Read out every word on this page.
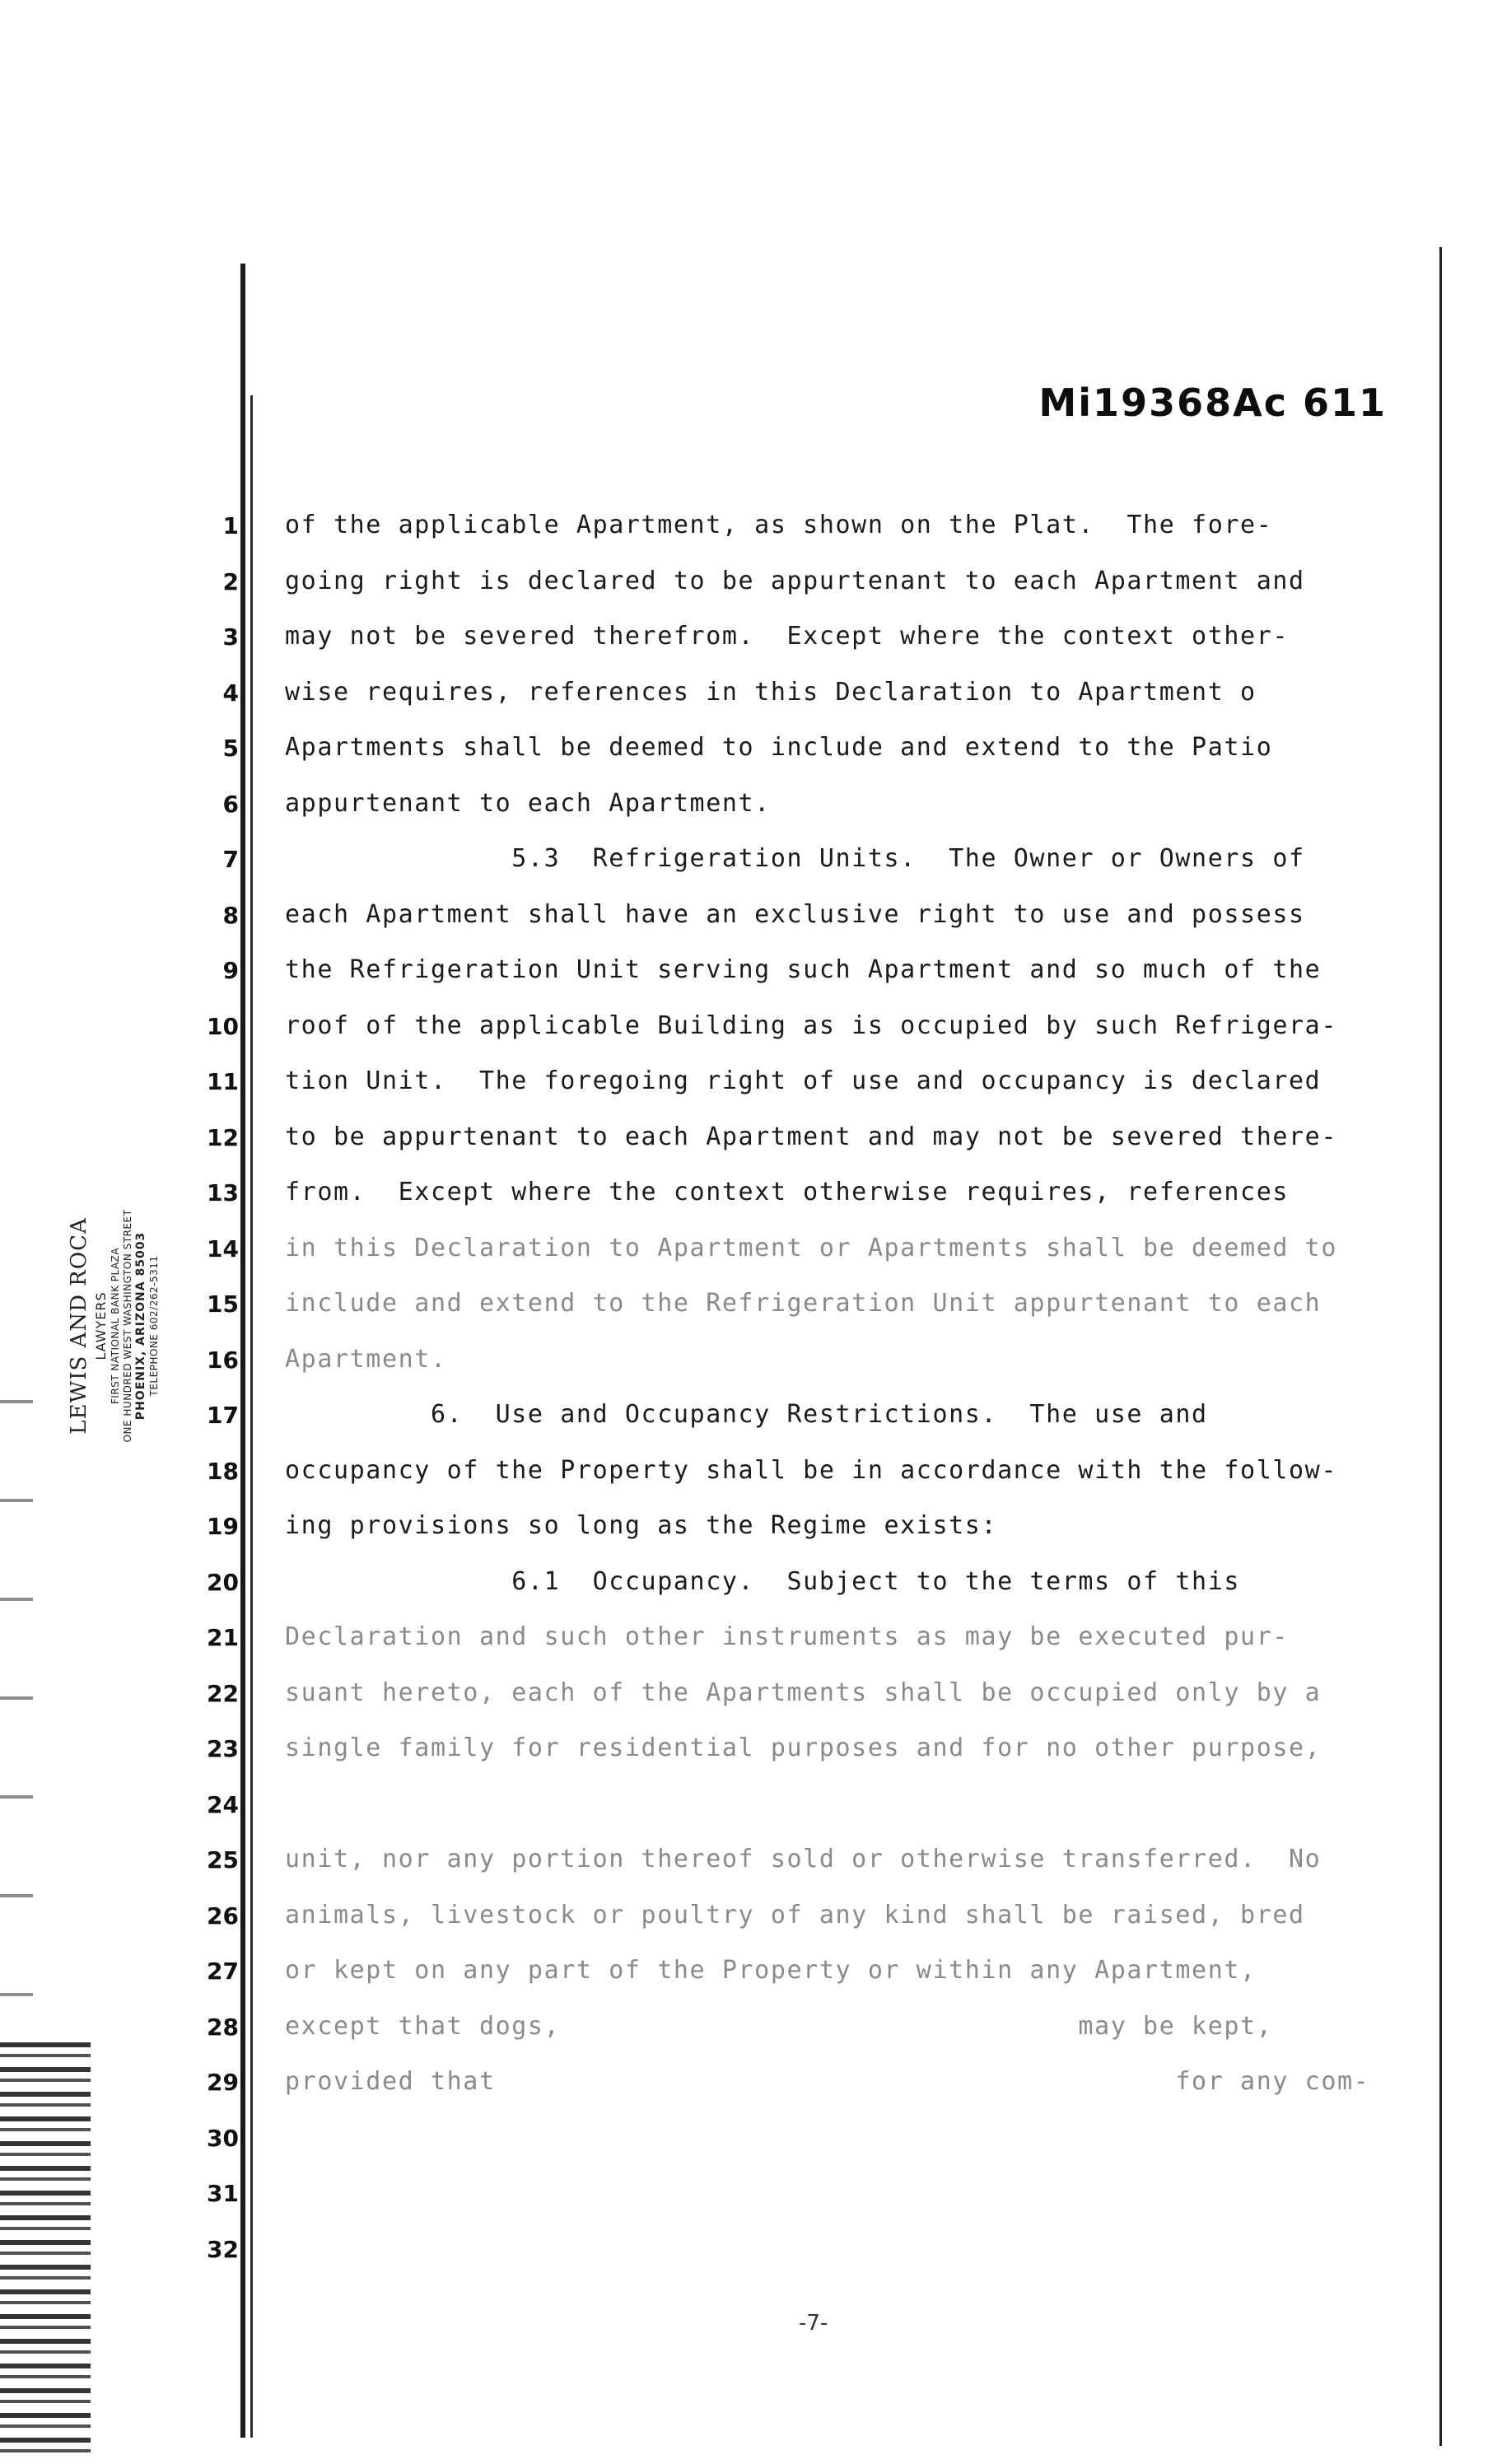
Mi19368Ac 611
LEWIS AND ROCA LAWYERS FIRST NATIONAL BANK PLAZA ONE HUNDRED WEST WASHINGTON STREET PHOENIX, ARIZONA 85003 TELEPHONE 602/262-5311
1 of the applicable Apartment, as shown on the Plat.  The fore-
2 going right is declared to be appurtenant to each Apartment and
3 may not be severed therefrom.  Except where the context other-
4 wise requires, references in this Declaration to Apartment o
5 Apartments shall be deemed to include and extend to the Patio
6 appurtenant to each Apartment.
7 5.3  Refrigeration Units.  The Owner or Owners of
8 each Apartment shall have an exclusive right to use and possess
9 the Refrigeration Unit serving such Apartment and so much of the
10 roof of the applicable Building as is occupied by such Refrigera-
11 tion Unit.  The foregoing right of use and occupancy is declared
12 to be appurtenant to each Apartment and may not be severed there-
13 from.  Except where the context otherwise requires, references
14 in this Declaration to Apartment or Apartments shall be deemed to
15 include and extend to the Refrigeration Unit appurtenant to each
16 Apartment.
17 6.  Use and Occupancy Restrictions.  The use and
18 occupancy of the Property shall be in accordance with the follow-
19 ing provisions so long as the Regime exists:
20 6.1  Occupancy.  Subject to the terms of this
21 Declaration and such other instruments as may be executed pur-
22 suant hereto, each of the Apartments shall be occupied only by a
23 single family for residential purposes and for no other purpose,
24
25 unit, nor any portion thereof sold or otherwise transferred.  No
26 animals, livestock or poultry of any kind shall be raised, bred
27 or kept on any part of the Property or within any Apartment,
28 except that dogs,                                may be kept,
29 provided that                                          for any com-
30
31
32
-7-
